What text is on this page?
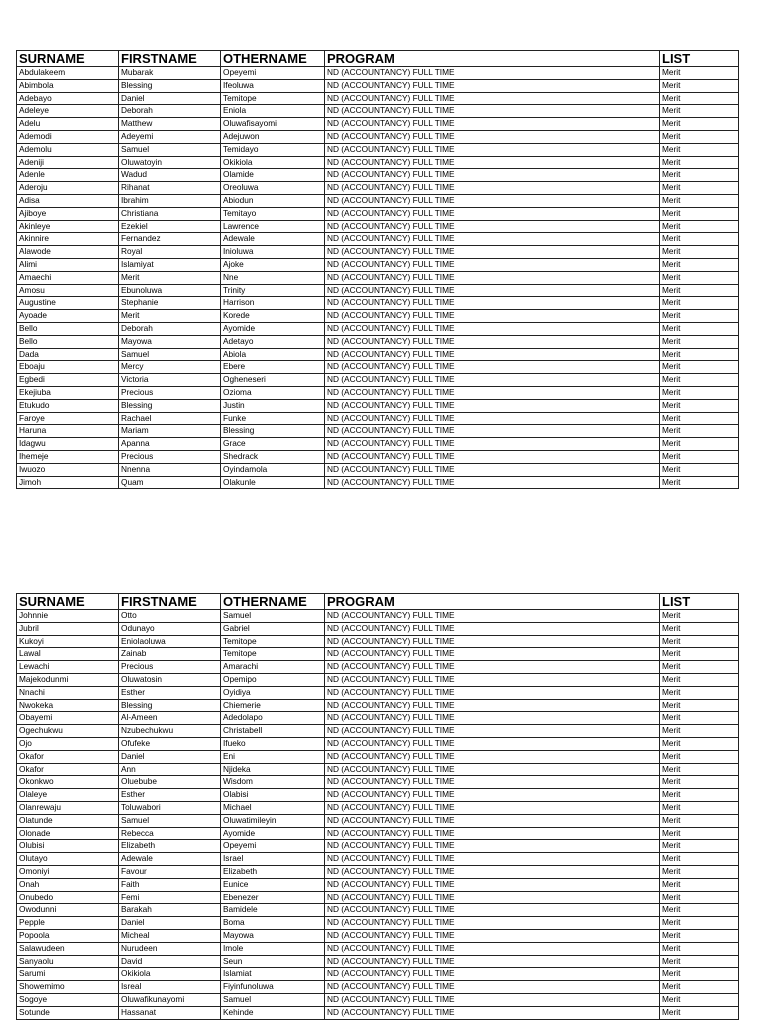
SURNAME	FIRSTNAME	OTHERNAME	PROGRAM	LIST
Abdulakeem	Mubarak	Opeyemi	ND (ACCOUNTANCY) FULL TIME	Merit
Abimbola	Blessing	Ifeoluwa	ND (ACCOUNTANCY) FULL TIME	Merit
Adebayo	Daniel	Temitope	ND (ACCOUNTANCY) FULL TIME	Merit
Adeleye	Deborah	Eniola	ND (ACCOUNTANCY) FULL TIME	Merit
Adelu	Matthew	Oluwafisayomi	ND (ACCOUNTANCY) FULL TIME	Merit
Ademodi	Adeyemi	Adejuwon	ND (ACCOUNTANCY) FULL TIME	Merit
Ademolu	Samuel	Temidayo	ND (ACCOUNTANCY) FULL TIME	Merit
Adeniji	Oluwatoyin	Okikiola	ND (ACCOUNTANCY) FULL TIME	Merit
Adenle	Wadud	Olamide	ND (ACCOUNTANCY) FULL TIME	Merit
Aderoju	Rihanat	Oreoluwa	ND (ACCOUNTANCY) FULL TIME	Merit
Adisa	Ibrahim	Abiodun	ND (ACCOUNTANCY) FULL TIME	Merit
Ajiboye	Christiana	Temitayo	ND (ACCOUNTANCY) FULL TIME	Merit
Akinleye	Ezekiel	Lawrence	ND (ACCOUNTANCY) FULL TIME	Merit
Akinnire	Fernandez	Adewale	ND (ACCOUNTANCY) FULL TIME	Merit
Alawode	Royal	Inioluwa	ND (ACCOUNTANCY) FULL TIME	Merit
Alimi	Islamiyat	Ajoke	ND (ACCOUNTANCY) FULL TIME	Merit
Amaechi	Merit	Nne	ND (ACCOUNTANCY) FULL TIME	Merit
Amosu	Ebunoluwa	Trinity	ND (ACCOUNTANCY) FULL TIME	Merit
Augustine	Stephanie	Harrison	ND (ACCOUNTANCY) FULL TIME	Merit
Ayoade	Merit	Korede	ND (ACCOUNTANCY) FULL TIME	Merit
Bello	Deborah	Ayomide	ND (ACCOUNTANCY) FULL TIME	Merit
Bello	Mayowa	Adetayo	ND (ACCOUNTANCY) FULL TIME	Merit
Dada	Samuel	Abiola	ND (ACCOUNTANCY) FULL TIME	Merit
Eboaju	Mercy	Ebere	ND (ACCOUNTANCY) FULL TIME	Merit
Egbedi	Victoria	Ogheneseri	ND (ACCOUNTANCY) FULL TIME	Merit
Ekejiuba	Precious	Ozioma	ND (ACCOUNTANCY) FULL TIME	Merit
Etukudo	Blessing	Justin	ND (ACCOUNTANCY) FULL TIME	Merit
Faroye	Rachael	Funke	ND (ACCOUNTANCY) FULL TIME	Merit
Haruna	Mariam	Blessing	ND (ACCOUNTANCY) FULL TIME	Merit
Idagwu	Apanna	Grace	ND (ACCOUNTANCY) FULL TIME	Merit
Ihemeje	Precious	Shedrack	ND (ACCOUNTANCY) FULL TIME	Merit
Iwuozo	Nnenna	Oyindamola	ND (ACCOUNTANCY) FULL TIME	Merit
Jimoh	Quam	Olakunle	ND (ACCOUNTANCY) FULL TIME	Merit
SURNAME	FIRSTNAME	OTHERNAME	PROGRAM	LIST
Johnnie	Otto	Samuel	ND (ACCOUNTANCY) FULL TIME	Merit
Jubril	Odunayo	Gabriel	ND (ACCOUNTANCY) FULL TIME	Merit
Kukoyi	Eniolaoluwa	Temitope	ND (ACCOUNTANCY) FULL TIME	Merit
Lawal	Zainab	Temitope	ND (ACCOUNTANCY) FULL TIME	Merit
Lewachi	Precious	Amarachi	ND (ACCOUNTANCY) FULL TIME	Merit
Majekodunmi	Oluwatosin	Opemipo	ND (ACCOUNTANCY) FULL TIME	Merit
Nnachi	Esther	Oyidiya	ND (ACCOUNTANCY) FULL TIME	Merit
Nwokeka	Blessing	Chiemerie	ND (ACCOUNTANCY) FULL TIME	Merit
Obayemi	Al-Ameen	Adedolapo	ND (ACCOUNTANCY) FULL TIME	Merit
Ogechukwu	Nzubechukwu	Christabell	ND (ACCOUNTANCY) FULL TIME	Merit
Ojo	Ofufeke	Ifueko	ND (ACCOUNTANCY) FULL TIME	Merit
Okafor	Daniel	Eni	ND (ACCOUNTANCY) FULL TIME	Merit
Okafor	Ann	Njideka	ND (ACCOUNTANCY) FULL TIME	Merit
Okonkwo	Oluebube	Wisdom	ND (ACCOUNTANCY) FULL TIME	Merit
Olaleye	Esther	Olabisi	ND (ACCOUNTANCY) FULL TIME	Merit
Olanrewaju	Toluwabori	Michael	ND (ACCOUNTANCY) FULL TIME	Merit
Olatunde	Samuel	Oluwatimileyin	ND (ACCOUNTANCY) FULL TIME	Merit
Olonade	Rebecca	Ayomide	ND (ACCOUNTANCY) FULL TIME	Merit
Olubisi	Elizabeth	Opeyemi	ND (ACCOUNTANCY) FULL TIME	Merit
Olutayo	Adewale	Israel	ND (ACCOUNTANCY) FULL TIME	Merit
Omoniyi	Favour	Elizabeth	ND (ACCOUNTANCY) FULL TIME	Merit
Onah	Faith	Eunice	ND (ACCOUNTANCY) FULL TIME	Merit
Onubedo	Femi	Ebenezer	ND (ACCOUNTANCY) FULL TIME	Merit
Owodunni	Barakah	Bamidele	ND (ACCOUNTANCY) FULL TIME	Merit
Pepple	Daniel	Boma	ND (ACCOUNTANCY) FULL TIME	Merit
Popoola	Micheal	Mayowa	ND (ACCOUNTANCY) FULL TIME	Merit
Salawudeen	Nurudeen	Imole	ND (ACCOUNTANCY) FULL TIME	Merit
Sanyaolu	David	Seun	ND (ACCOUNTANCY) FULL TIME	Merit
Sarumi	Okikiola	Islamiat	ND (ACCOUNTANCY) FULL TIME	Merit
Showemimo	Isreal	Fiyinfunoluwa	ND (ACCOUNTANCY) FULL TIME	Merit
Sogoye	Oluwafikunayomi	Samuel	ND (ACCOUNTANCY) FULL TIME	Merit
Sotunde	Hassanat	Kehinde	ND (ACCOUNTANCY) FULL TIME	Merit
